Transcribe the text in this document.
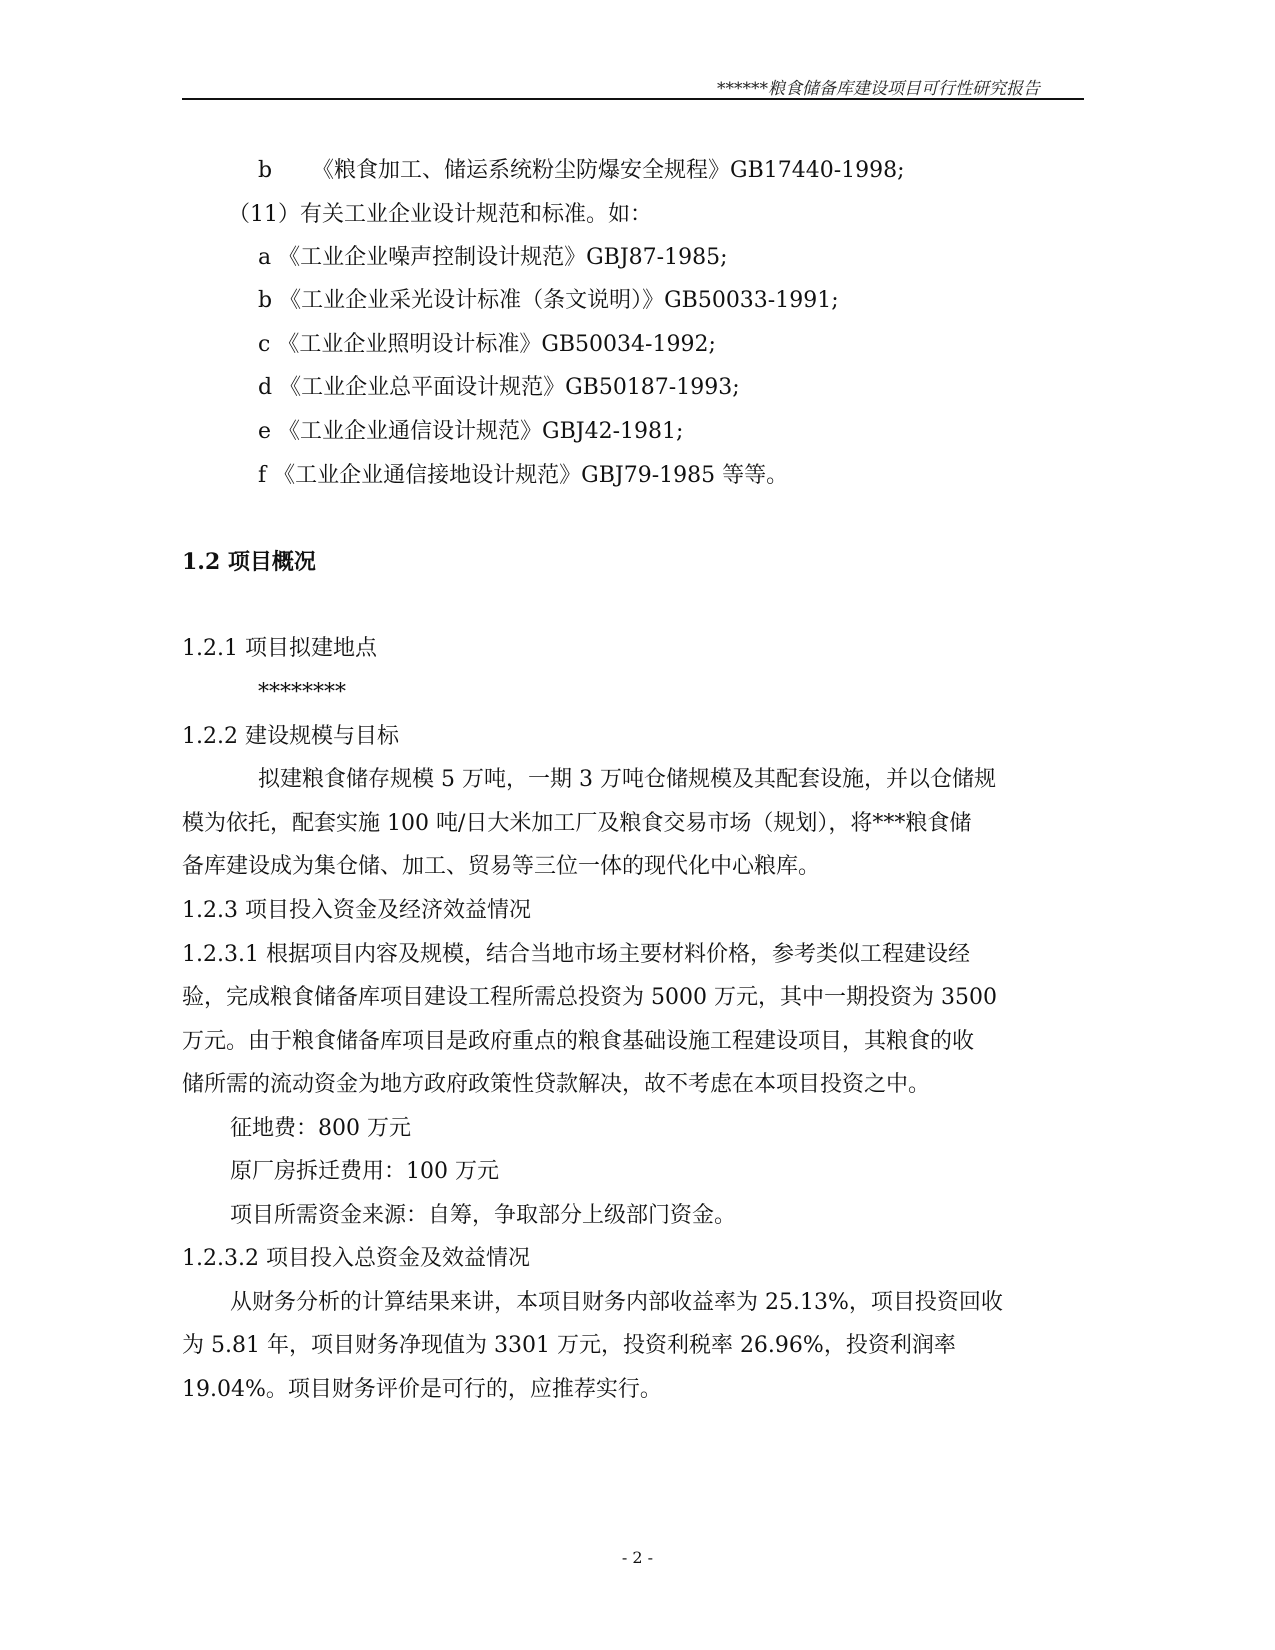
******粮食储备库建设项目可行性研究报告
b 《粮食加工、储运系统粉尘防爆安全规程》GB17440-1998;
（11）有关工业企业设计规范和标准。如：
a 《工业企业噪声控制设计规范》GBJ87-1985;
b 《工业企业采光设计标准（条文说明）》GB50033-1991;
c 《工业企业照明设计标准》GB50034-1992;
d 《工业企业总平面设计规范》GB50187-1993;
e 《工业企业通信设计规范》GBJ42-1981;
f 《工业企业通信接地设计规范》GBJ79-1985 等等。
1.2 项目概况
1.2.1 项目拟建地点
********
1.2.2 建设规模与目标
拟建粮食储存规模 5 万吨，一期 3 万吨仓储规模及其配套设施，并以仓储规
模为依托，配套实施 100 吨/日大米加工厂及粮食交易市场（规划），将***粮食储
备库建设成为集仓储、加工、贸易等三位一体的现代化中心粮库。
1.2.3 项目投入资金及经济效益情况
1.2.3.1 根据项目内容及规模，结合当地市场主要材料价格，参考类似工程建设经
验，完成粮食储备库项目建设工程所需总投资为 5000 万元，其中一期投资为 3500
万元。由于粮食储备库项目是政府重点的粮食基础设施工程建设项目，其粮食的收
储所需的流动资金为地方政府政策性贷款解决，故不考虑在本项目投资之中。
征地费：800 万元
原厂房拆迁费用：100 万元
项目所需资金来源：自筹，争取部分上级部门资金。
1.2.3.2 项目投入总资金及效益情况
从财务分析的计算结果来讲，本项目财务内部收益率为 25.13%，项目投资回收
为 5.81 年，项目财务净现值为 3301 万元，投资利税率 26.96%，投资利润率
19.04%。项目财务评价是可行的，应推荐实行。
- 2 -
